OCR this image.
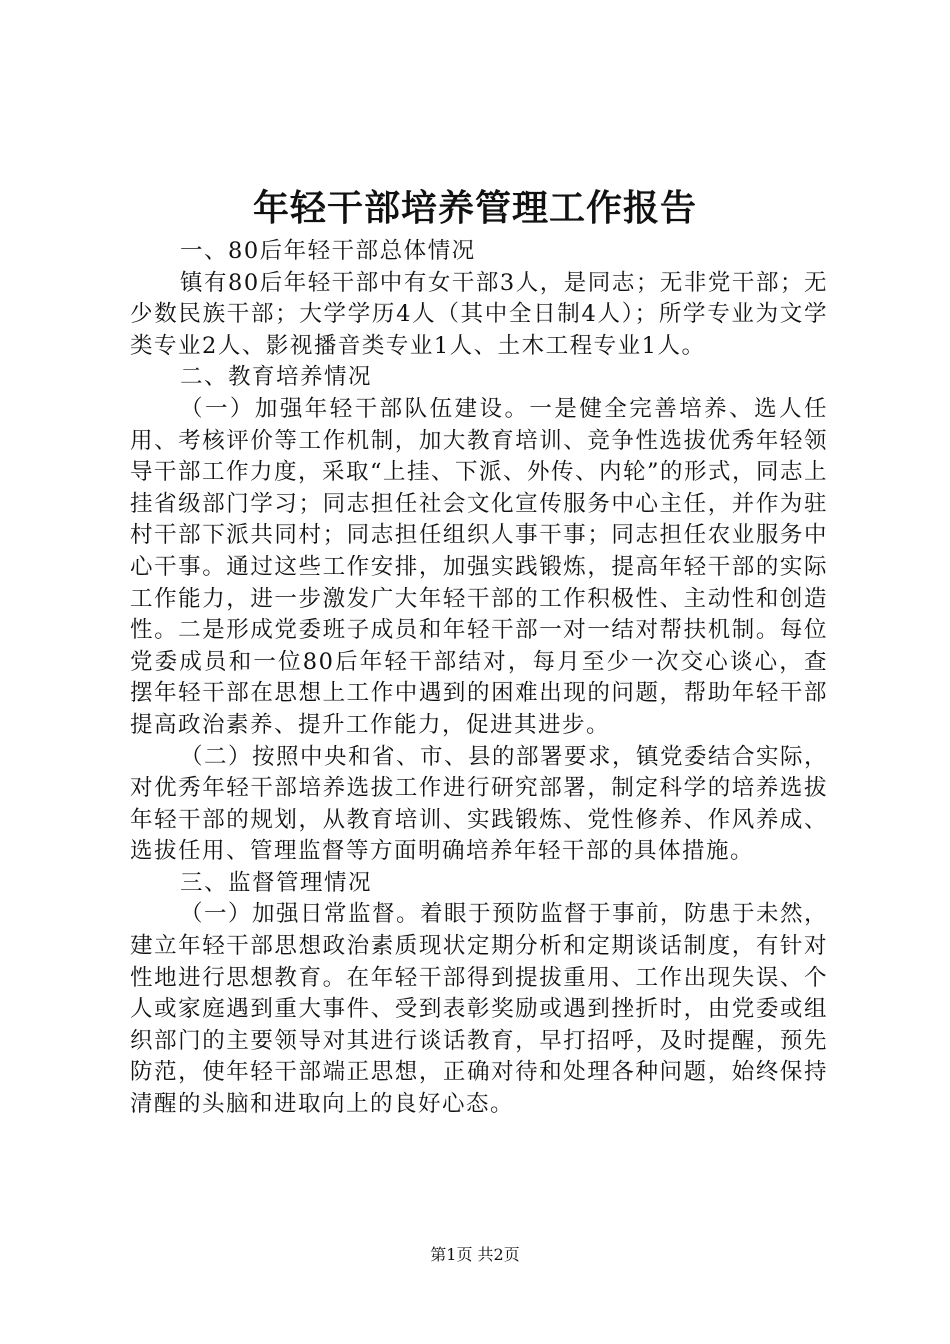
年轻干部培养管理工作报告

一、80后年轻干部总体情况

镇有80后年轻干部中有女干部3人，是同志；无非党干部；无少数民族干部；大学学历4人（其中全日制4人）；所学专业为文学类专业2人、影视播音类专业1人、土木工程专业1人。

二、教育培养情况

（一）加强年轻干部队伍建设。一是健全完善培养、选人任用、考核评价等工作机制，加大教育培训、竞争性选拔优秀年轻领导干部工作力度，采取“上挂、下派、外传、内轮”的形式，同志上挂省级部门学习；同志担任社会文化宣传服务中心主任，并作为驻村干部下派共同村；同志担任组织人事干事；同志担任农业服务中心干事。通过这些工作安排，加强实践锻炼，提高年轻干部的实际工作能力，进一步激发广大年轻干部的工作积极性、主动性和创造性。二是形成党委班子成员和年轻干部一对一结对帮扶机制。每位党委成员和一位80后年轻干部结对，每月至少一次交心谈心，查摆年轻干部在思想上工作中遇到的困难出现的问题，帮助年轻干部提高政治素养、提升工作能力，促进其进步。

（二）按照中央和省、市、县的部署要求，镇党委结合实际，对优秀年轻干部培养选拔工作进行研究部署，制定科学的培养选拔年轻干部的规划，从教育培训、实践锻炼、党性修养、作风养成、选拔任用、管理监督等方面明确培养年轻干部的具体措施。

三、监督管理情况

（一）加强日常监督。着眼于预防监督于事前，防患于未然，建立年轻干部思想政治素质现状定期分析和定期谈话制度，有针对性地进行思想教育。在年轻干部得到提拔重用、工作出现失误、个人或家庭遇到重大事件、受到表彰奖励或遇到挫折时，由党委或组织部门的主要领导对其进行谈话教育，早打招呼，及时提醒，预先防范，使年轻干部端正思想，正确对待和处理各种问题，始终保持清醒的头脑和进取向上的良好心态。

第1页 共2页
